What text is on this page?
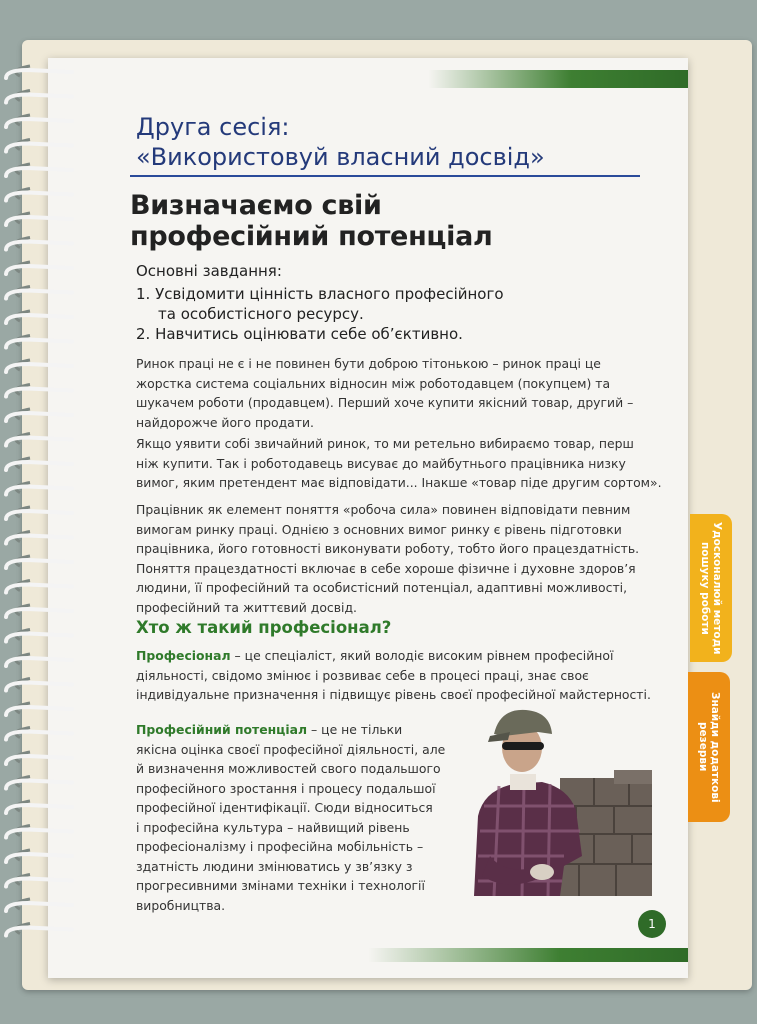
Друга сесія:
«Використовуй власний досвід»
Визначаємо свій
професійний потенціал
Основні завдання:
1. Усвідомити цінність власного професійного
та особистісного ресурсу.
2. Навчитись оцінювати себе об’єктивно.

Ринок праці не є і не повинен бути доброю тітонькою – ринок праці це
жорстка система соціальних відносин між роботодавцем (покупцем) та
шукачем роботи (продавцем). Перший хоче купити якісний товар, другий –
найдорожче його продати.

Якщо уявити собі звичайний ринок, то ми ретельно вибираємо товар, перш
ніж купити. Так і роботодавець висуває до майбутнього працівника низку
вимог, яким претендент має відповідати... Інакше «товар піде другим сортом».

Працівник як елемент поняття «робоча сила» повинен відповідати певним
вимогам ринку праці. Однією з основних вимог ринку є рівень підготовки
працівника, його готовності виконувати роботу, тобто його працездатність.
Поняття працездатності включає в себе хороше фізичне і духовне здоров’я
людини, її професійний та особистісний потенціал, адаптивні можливості,
професійний та життєвий досвід.

Хто ж такий професіонал?

Професіонал – це спеціаліст, який володіє високим рівнем професійної
діяльності, свідомо змінює і розвиває себе в процесі праці, знає своє
індивідуальне призначення і підвищує рівень своєї професійної майстерності.

Професійний потенціал – це не тільки
якісна оцінка своєї професійної діяльності, але
й визначення можливостей свого подальшого
професійного зростання і процесу подальшої
професійної ідентифікації. Сюди відноситься
і професійна культура – найвищий рівень
професіоналізму і професійна мобільність –
здатність людини змінюватись у зв’язку з
прогресивними змінами техніки і технології
виробництва.

1
Удосконалюй методи пошуку роботи
Знайди додаткові резерви
